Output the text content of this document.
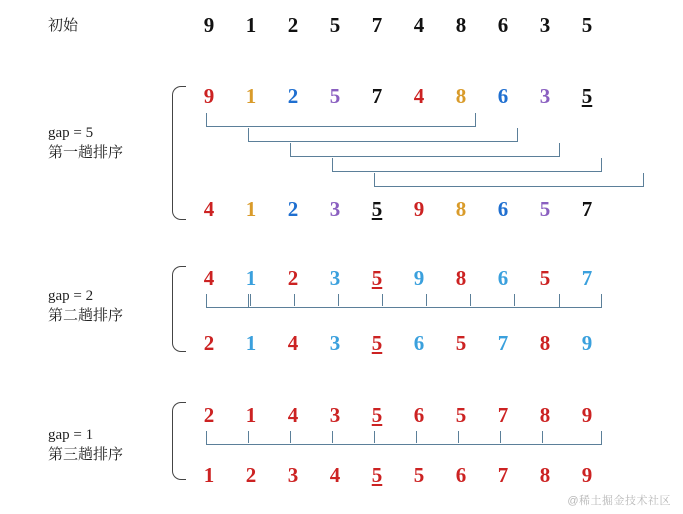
初始
gap = 5
第一趟排序
gap = 2
第二趟排序
gap = 1
第三趟排序
9	1	2	5	7	4	8	6	3	5
9	1	2	5	7	4	8	6	3	5
4	1	2	3	5	9	8	6	5	7
4	1	2	3	5	9	8	6	5	7
2	1	4	3	5	6	5	7	8	9
2	1	4	3	5	6	5	7	8	9
1	2	3	4	5	5	6	7	8	9
@稀土掘金技术社区
